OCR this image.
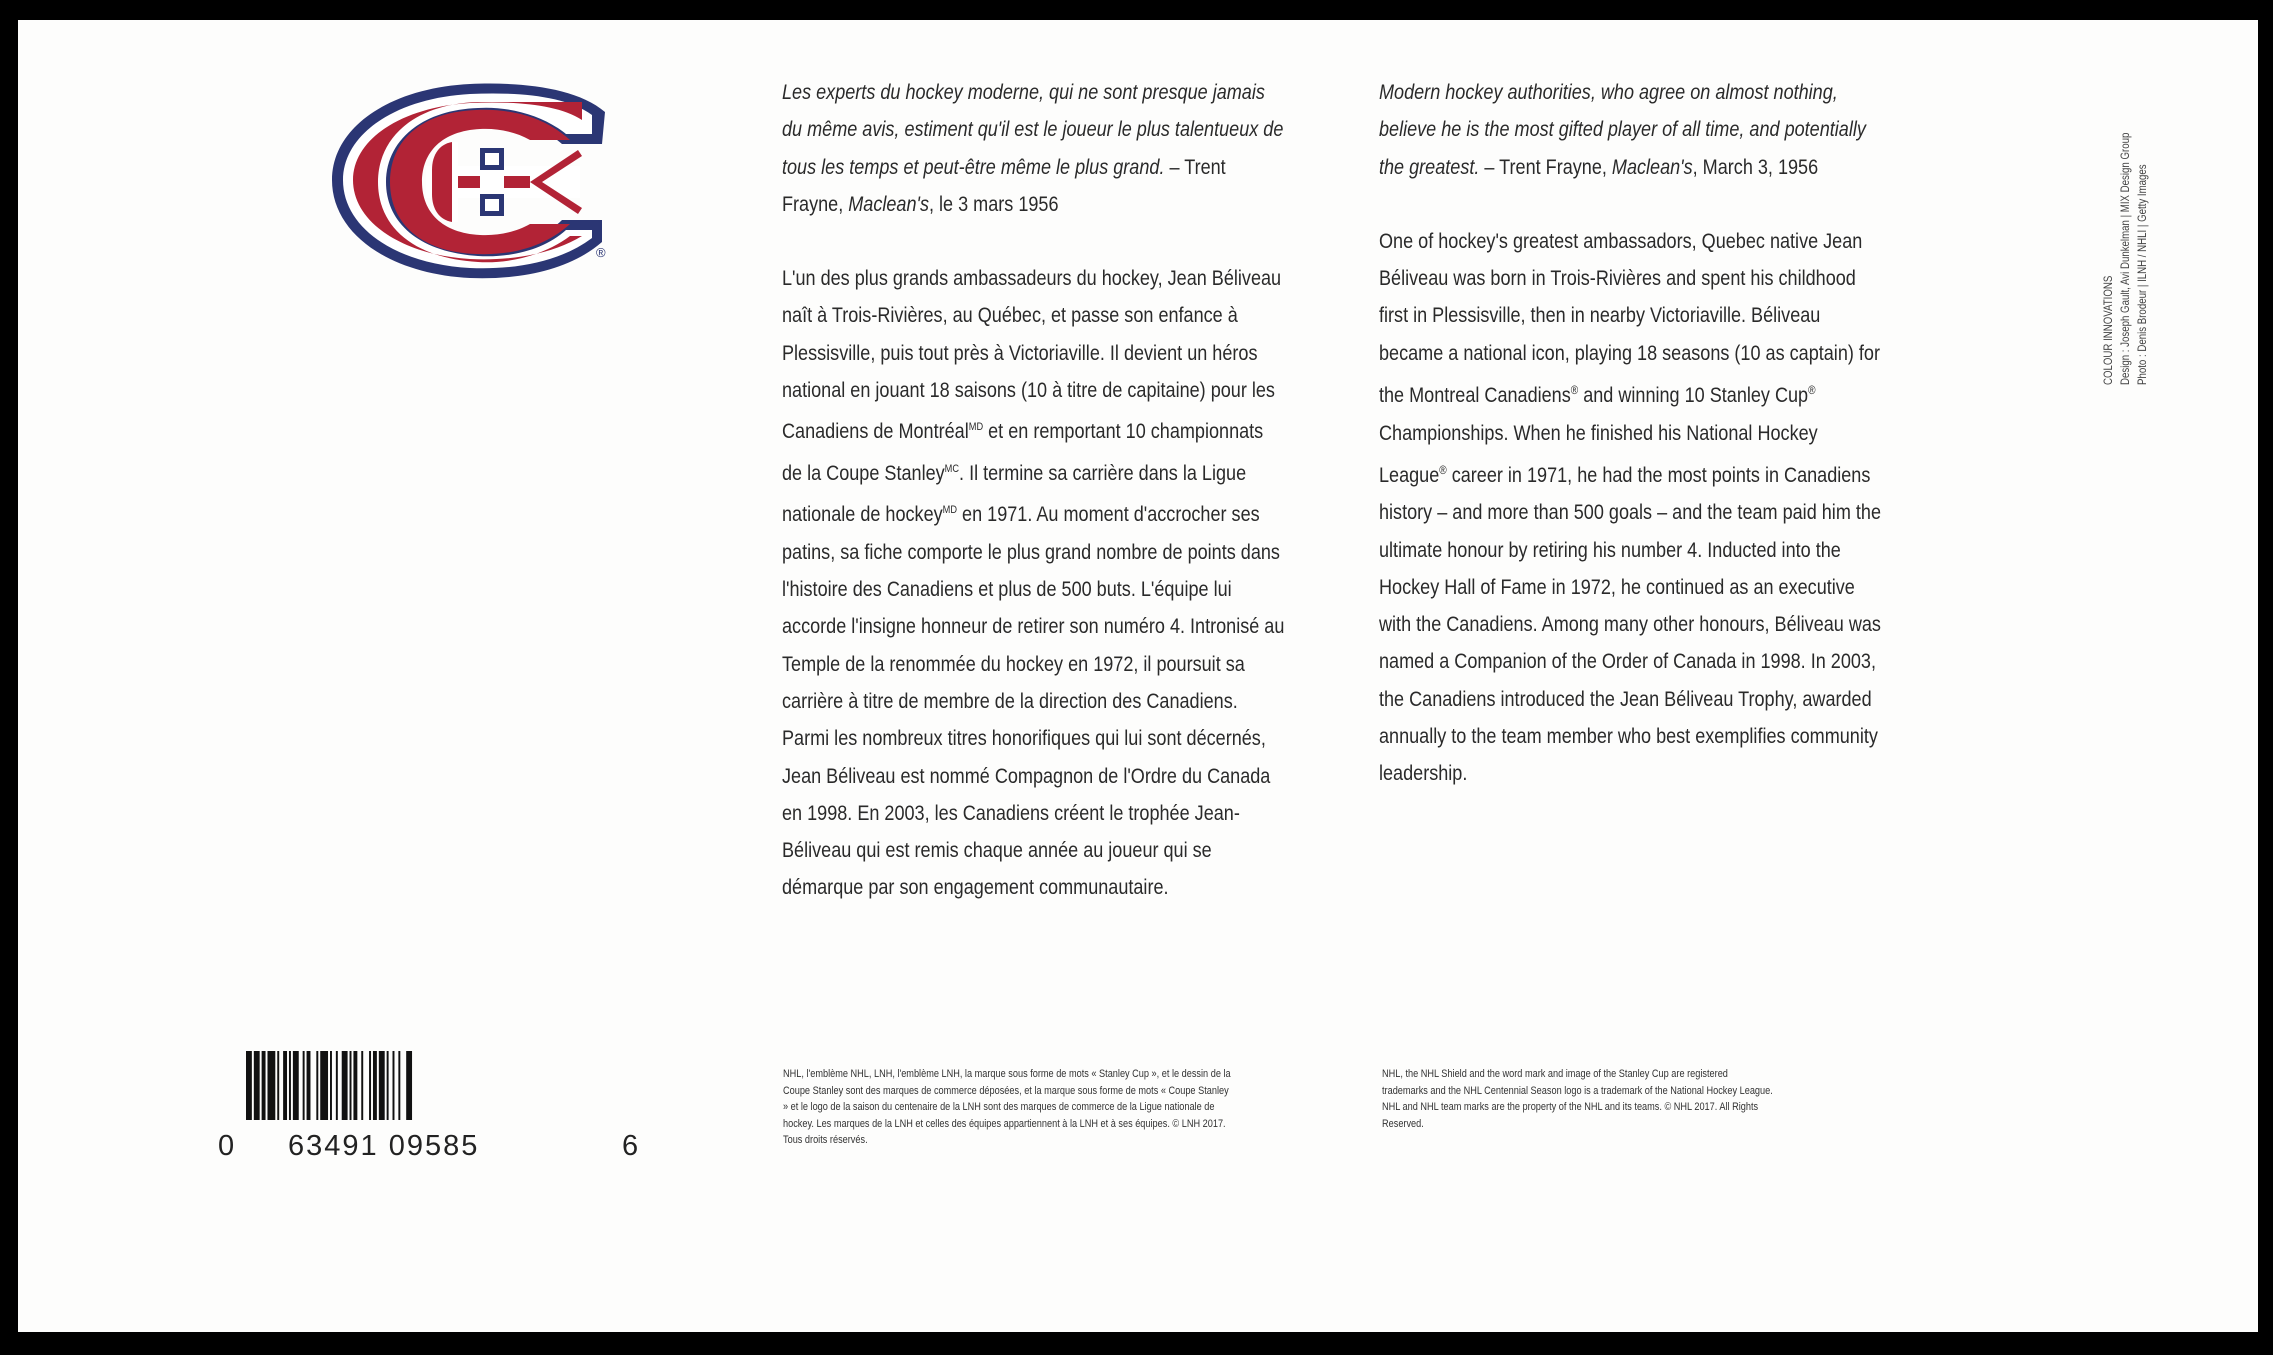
®

Les experts du hockey moderne, qui ne sont presque jamais du même avis, estiment qu'il est le joueur le plus talentueux de tous les temps et peut-être même le plus grand. – Trent Frayne, Maclean's, le 3 mars 1956

L'un des plus grands ambassadeurs du hockey, Jean Béliveau naît à Trois-Rivières, au Québec, et passe son enfance à Plessisville, puis tout près à Victoriaville. Il devient un héros national en jouant 18 saisons (10 à titre de capitaine) pour les Canadiens de Montréal$^{MD}$ et en remportant 10 championnats de la Coupe Stanley$^{MC}$. Il termine sa carrière dans la Ligue nationale de hockey$^{MD}$ en 1971. Au moment d'accrocher ses patins, sa fiche comporte le plus grand nombre de points dans l'histoire des Canadiens et plus de 500 buts. L'équipe lui accorde l'insigne honneur de retirer son numéro 4. Intronisé au Temple de la renommée du hockey en 1972, il poursuit sa carrière à titre de membre de la direction des Canadiens. Parmi les nombreux titres honorifiques qui lui sont décernés, Jean Béliveau est nommé Compagnon de l'Ordre du Canada en 1998. En 2003, les Canadiens créent le trophée Jean-Béliveau qui est remis chaque année au joueur qui se démarque par son engagement communautaire.

Modern hockey authorities, who agree on almost nothing, believe he is the most gifted player of all time, and potentially the greatest. – Trent Frayne, Maclean's, March 3, 1956

One of hockey's greatest ambassadors, Quebec native Jean Béliveau was born in Trois-Rivières and spent his childhood first in Plessisville, then in nearby Victoriaville. Béliveau became a national icon, playing 18 seasons (10 as captain) for the Montreal Canadiens® and winning 10 Stanley Cup® Championships. When he finished his National Hockey League® career in 1971, he had the most points in Canadiens history – and more than 500 goals – and the team paid him the ultimate honour by retiring his number 4. Inducted into the Hockey Hall of Fame in 1972, he continued as an executive with the Canadiens. Among many other honours, Béliveau was named a Companion of the Order of Canada in 1998. In 2003, the Canadiens introduced the Jean Béliveau Trophy, awarded annually to the team member who best exemplifies community leadership.

NHL, l'emblème NHL, LNH, l'emblème LNH, la marque sous forme de mots « Stanley Cup », et le dessin de la Coupe Stanley sont des marques de commerce déposées, et la marque sous forme de mots « Coupe Stanley » et le logo de la saison du centenaire de la LNH sont des marques de commerce de la Ligue nationale de hockey. Les marques de la LNH et celles des équipes appartiennent à la LNH et à ses équipes. © LNH 2017. Tous droits réservés.
NHL, the NHL Shield and the word mark and image of the Stanley Cup are registered trademarks and the NHL Centennial Season logo is a trademark of the National Hockey League. NHL and NHL team marks are the property of the NHL and its teams. © NHL 2017. All Rights Reserved.
COLOUR INNOVATIONS Design : Joseph Gault, Avi Dunkelman | MIX Design Group Photo : Denis Brodeur | ILNH / NHLI | Getty Images
0 63491 09585	6
